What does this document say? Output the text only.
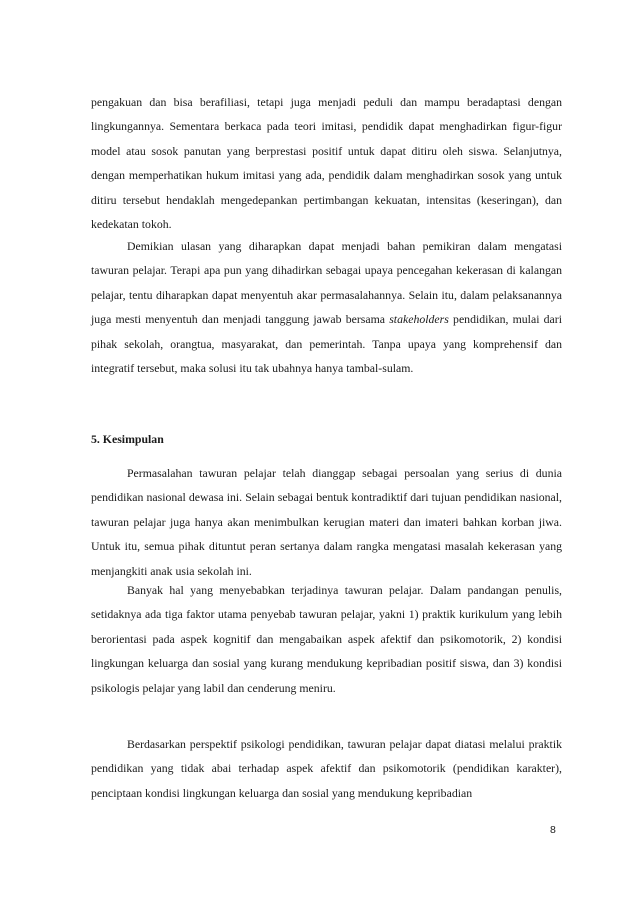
pengakuan dan bisa berafiliasi, tetapi juga menjadi peduli dan mampu beradaptasi dengan lingkungannya. Sementara berkaca pada teori imitasi, pendidik dapat menghadirkan figur-figur model atau sosok panutan yang berprestasi positif untuk dapat ditiru oleh siswa. Selanjutnya, dengan memperhatikan hukum imitasi yang ada, pendidik dalam menghadirkan sosok yang untuk ditiru tersebut hendaklah mengedepankan pertimbangan kekuatan, intensitas (keseringan), dan kedekatan tokoh.

Demikian ulasan yang diharapkan dapat menjadi bahan pemikiran dalam mengatasi tawuran pelajar. Terapi apa pun yang dihadirkan sebagai upaya pencegahan kekerasan di kalangan pelajar, tentu diharapkan dapat menyentuh akar permasalahannya. Selain itu, dalam pelaksanannya juga mesti menyentuh dan menjadi tanggung jawab bersama stakeholders pendidikan, mulai dari pihak sekolah, orangtua, masyarakat, dan pemerintah. Tanpa upaya yang komprehensif dan integratif tersebut, maka solusi itu tak ubahnya hanya tambal-sulam.

5. Kesimpulan

Permasalahan tawuran pelajar telah dianggap sebagai persoalan yang serius di dunia pendidikan nasional dewasa ini. Selain sebagai bentuk kontradiktif dari tujuan pendidikan nasional, tawuran pelajar juga hanya akan menimbulkan kerugian materi dan imateri bahkan korban jiwa. Untuk itu, semua pihak dituntut peran sertanya dalam rangka mengatasi masalah kekerasan yang menjangkiti anak usia sekolah ini.

Banyak hal yang menyebabkan terjadinya tawuran pelajar. Dalam pandangan penulis, setidaknya ada tiga faktor utama penyebab tawuran pelajar, yakni 1) praktik kurikulum yang lebih berorientasi pada aspek kognitif dan mengabaikan aspek afektif dan psikomotorik, 2) kondisi lingkungan keluarga dan sosial yang kurang mendukung kepribadian positif siswa, dan 3) kondisi psikologis pelajar yang labil dan cenderung meniru.

Berdasarkan perspektif psikologi pendidikan, tawuran pelajar dapat diatasi melalui praktik pendidikan yang tidak abai terhadap aspek afektif dan psikomotorik (pendidikan karakter), penciptaan kondisi lingkungan keluarga dan sosial yang mendukung kepribadian

8
